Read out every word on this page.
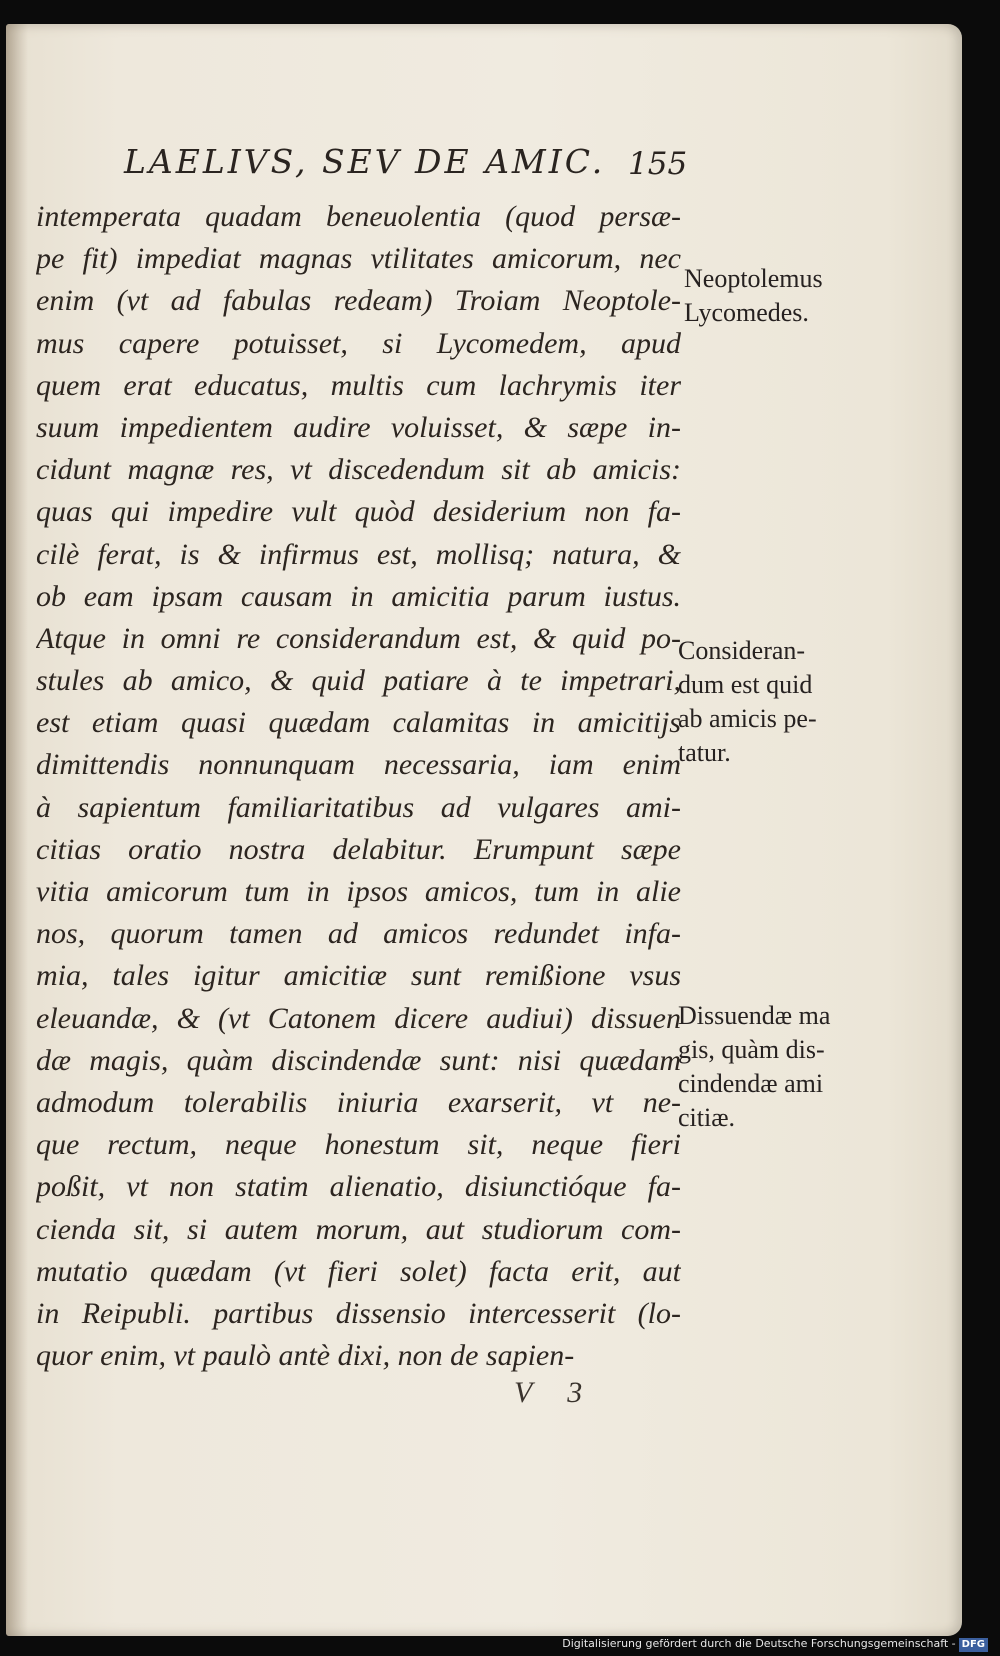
LAELIVS, SEV DE AMIC. 155
intemperata quadam beneuolentia (quod persæ-
pe fit) impediat magnas vtilitates amicorum, nec
enim (vt ad fabulas redeam) Troiam Neoptole-
mus capere potuisset, si Lycomedem, apud
quem erat educatus, multis cum lachrymis iter
suum impedientem audire voluisset, & sæpe in-
cidunt magnæ res, vt discedendum sit ab amicis:
quas qui impedire vult quòd desiderium non fa-
cilè ferat, is & infirmus est, mollisq; natura, &
ob eam ipsam causam in amicitia parum iustus.
Atque in omni re considerandum est, & quid po-
stules ab amico, & quid patiare à te impetrari,
est etiam quasi quædam calamitas in amicitijs
dimittendis nonnunquam necessaria, iam enim
à sapientum familiaritatibus ad vulgares ami-
citias oratio nostra delabitur. Erumpunt sæpe
vitia amicorum tum in ipsos amicos, tum in alie
nos, quorum tamen ad amicos redundet infa-
mia, tales igitur amicitiæ sunt remißione vsus
eleuandæ, & (vt Catonem dicere audiui) dissuen
dæ magis, quàm discindendæ sunt: nisi quædam
admodum tolerabilis iniuria exarserit, vt ne-
que rectum, neque honestum sit, neque fieri
poßit, vt non statim alienatio, disiunctióque fa-
cienda sit, si autem morum, aut studiorum com-
mutatio quædam (vt fieri solet) facta erit, aut
in Reipubli. partibus dissensio intercesserit (lo-
quor enim, vt paulò antè dixi, non de sapien-
Neoptolemus
Lycomedes.
Consideran-
dum est quid
ab amicis pe-
tatur.
Dissuendæ ma
gis, quàm dis-
cindendæ ami
citiæ.
V 3
Digitalisierung gefördert durch die Deutsche Forschungsgemeinschaft - DFG
